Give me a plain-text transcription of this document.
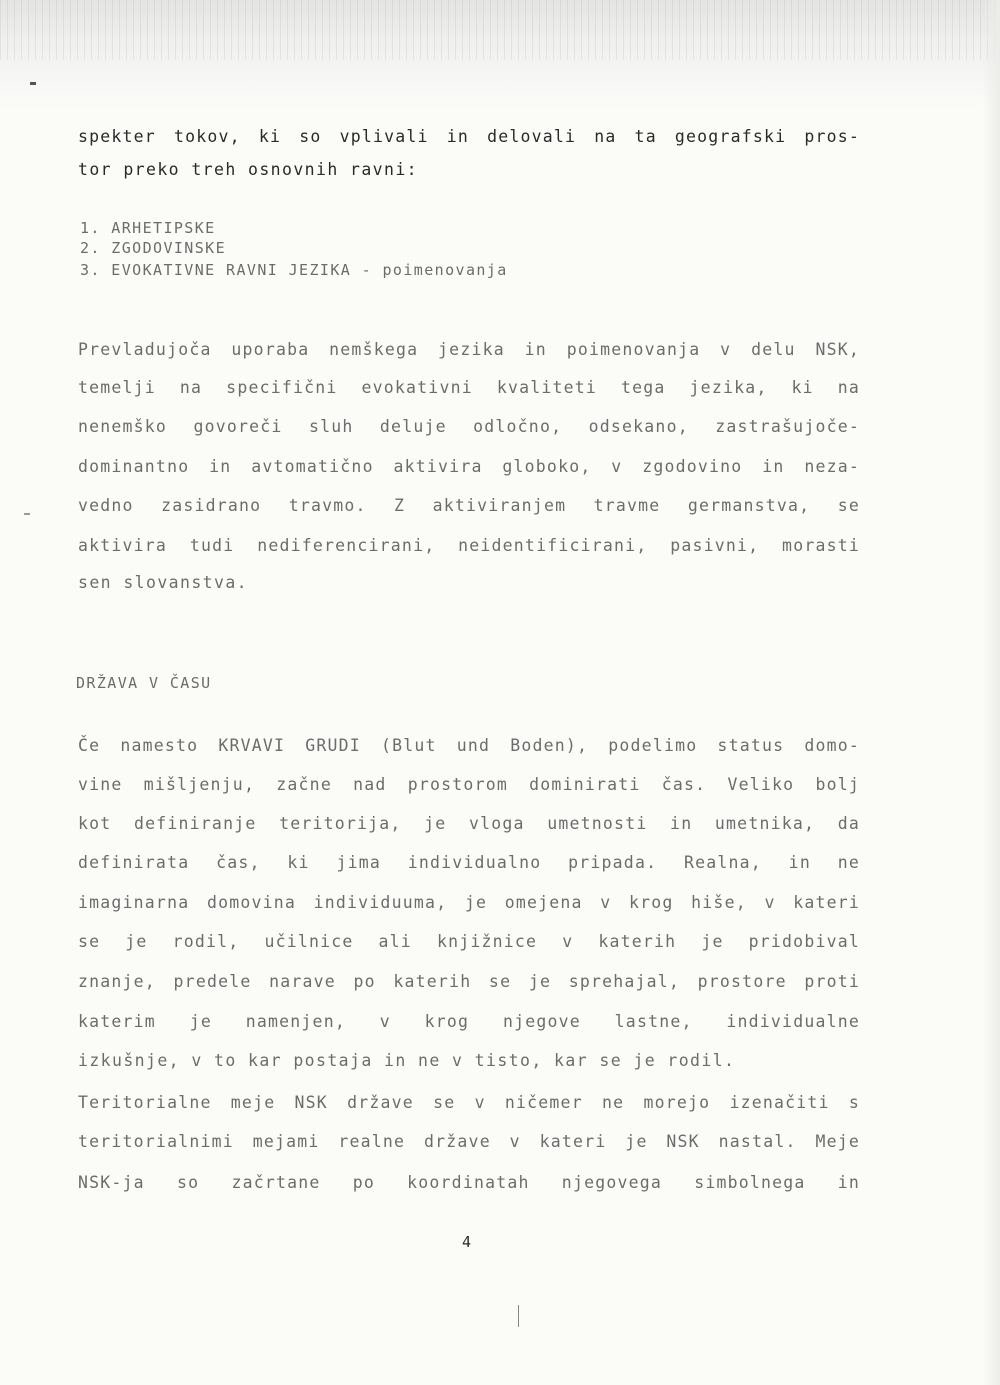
spekter tokov, ki so vplivali in delovali na ta geografski pros-
tor preko treh osnovnih ravni:
1. ARHETIPSKE
2. ZGODOVINSKE
3. EVOKATIVNE RAVNI JEZIKA - poimenovanja
Prevladujoča uporaba nemškega jezika in poimenovanja v delu NSK,
temelji na specifični evokativni kvaliteti tega jezika, ki na
nenemško govoreči sluh deluje odločno, odsekano, zastrašujoče-
dominantno in avtomatično aktivira globoko, v zgodovino in neza-
vedno zasidrano travmo. Z aktiviranjem travme germanstva, se
aktivira tudi nediferencirani, neidentificirani, pasivni, morasti
sen slovanstva.
DRŽAVA V ČASU
Če namesto KRVAVI GRUDI (Blut und Boden), podelimo status domo-
vine mišljenju, začne nad prostorom dominirati čas. Veliko bolj
kot definiranje teritorija, je vloga umetnosti in umetnika, da
definirata čas, ki jima individualno pripada. Realna, in ne
imaginarna domovina individuuma, je omejena v krog hiše, v kateri
se je rodil, učilnice ali knjižnice v katerih je pridobival
znanje, predele narave po katerih se je sprehajal, prostore proti
katerim je namenjen, v krog njegove lastne, individualne
izkušnje, v to kar postaja in ne v tisto, kar se je rodil.
Teritorialne meje NSK države se v ničemer ne morejo izenačiti s
teritorialnimi mejami realne države v kateri je NSK nastal. Meje
NSK-ja so začrtane po koordinatah njegovega simbolnega in
4
